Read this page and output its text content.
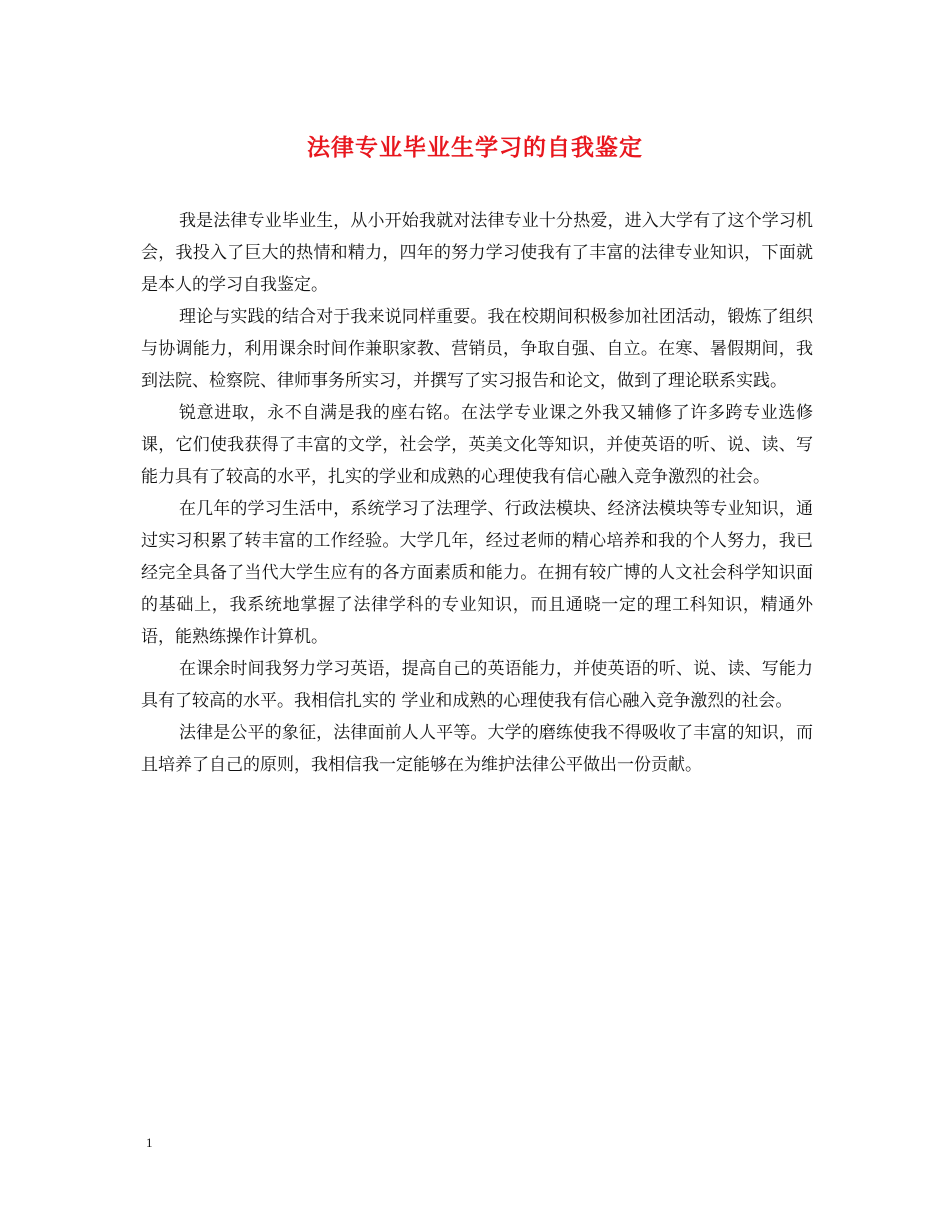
法律专业毕业生学习的自我鉴定

我是法律专业毕业生，从小开始我就对法律专业十分热爱，进入大学有了这个学习机会，我投入了巨大的热情和精力，四年的努力学习使我有了丰富的法律专业知识，下面就是本人的学习自我鉴定。

理论与实践的结合对于我来说同样重要。我在校期间积极参加社团活动，锻炼了组织与协调能力，利用课余时间作兼职家教、营销员，争取自强、自立。在寒、暑假期间，我到法院、检察院、律师事务所实习，并撰写了实习报告和论文，做到了理论联系实践。

锐意进取，永不自满是我的座右铭。在法学专业课之外我又辅修了许多跨专业选修课，它们使我获得了丰富的文学，社会学，英美文化等知识，并使英语的听、说、读、写能力具有了较高的水平，扎实的学业和成熟的心理使我有信心融入竞争激烈的社会。

在几年的学习生活中，系统学习了法理学、行政法模块、经济法模块等专业知识，通过实习积累了转丰富的工作经验。大学几年，经过老师的精心培养和我的个人努力，我已经完全具备了当代大学生应有的各方面素质和能力。在拥有较广博的人文社会科学知识面的基础上，我系统地掌握了法律学科的专业知识，而且通晓一定的理工科知识，精通外语，能熟练操作计算机。

在课余时间我努力学习英语，提高自己的英语能力，并使英语的听、说、读、写能力具有了较高的水平。我相信扎实的 学业和成熟的心理使我有信心融入竞争激烈的社会。

法律是公平的象征，法律面前人人平等。大学的磨练使我不得吸收了丰富的知识，而且培养了自己的原则，我相信我一定能够在为维护法律公平做出一份贡献。

1
